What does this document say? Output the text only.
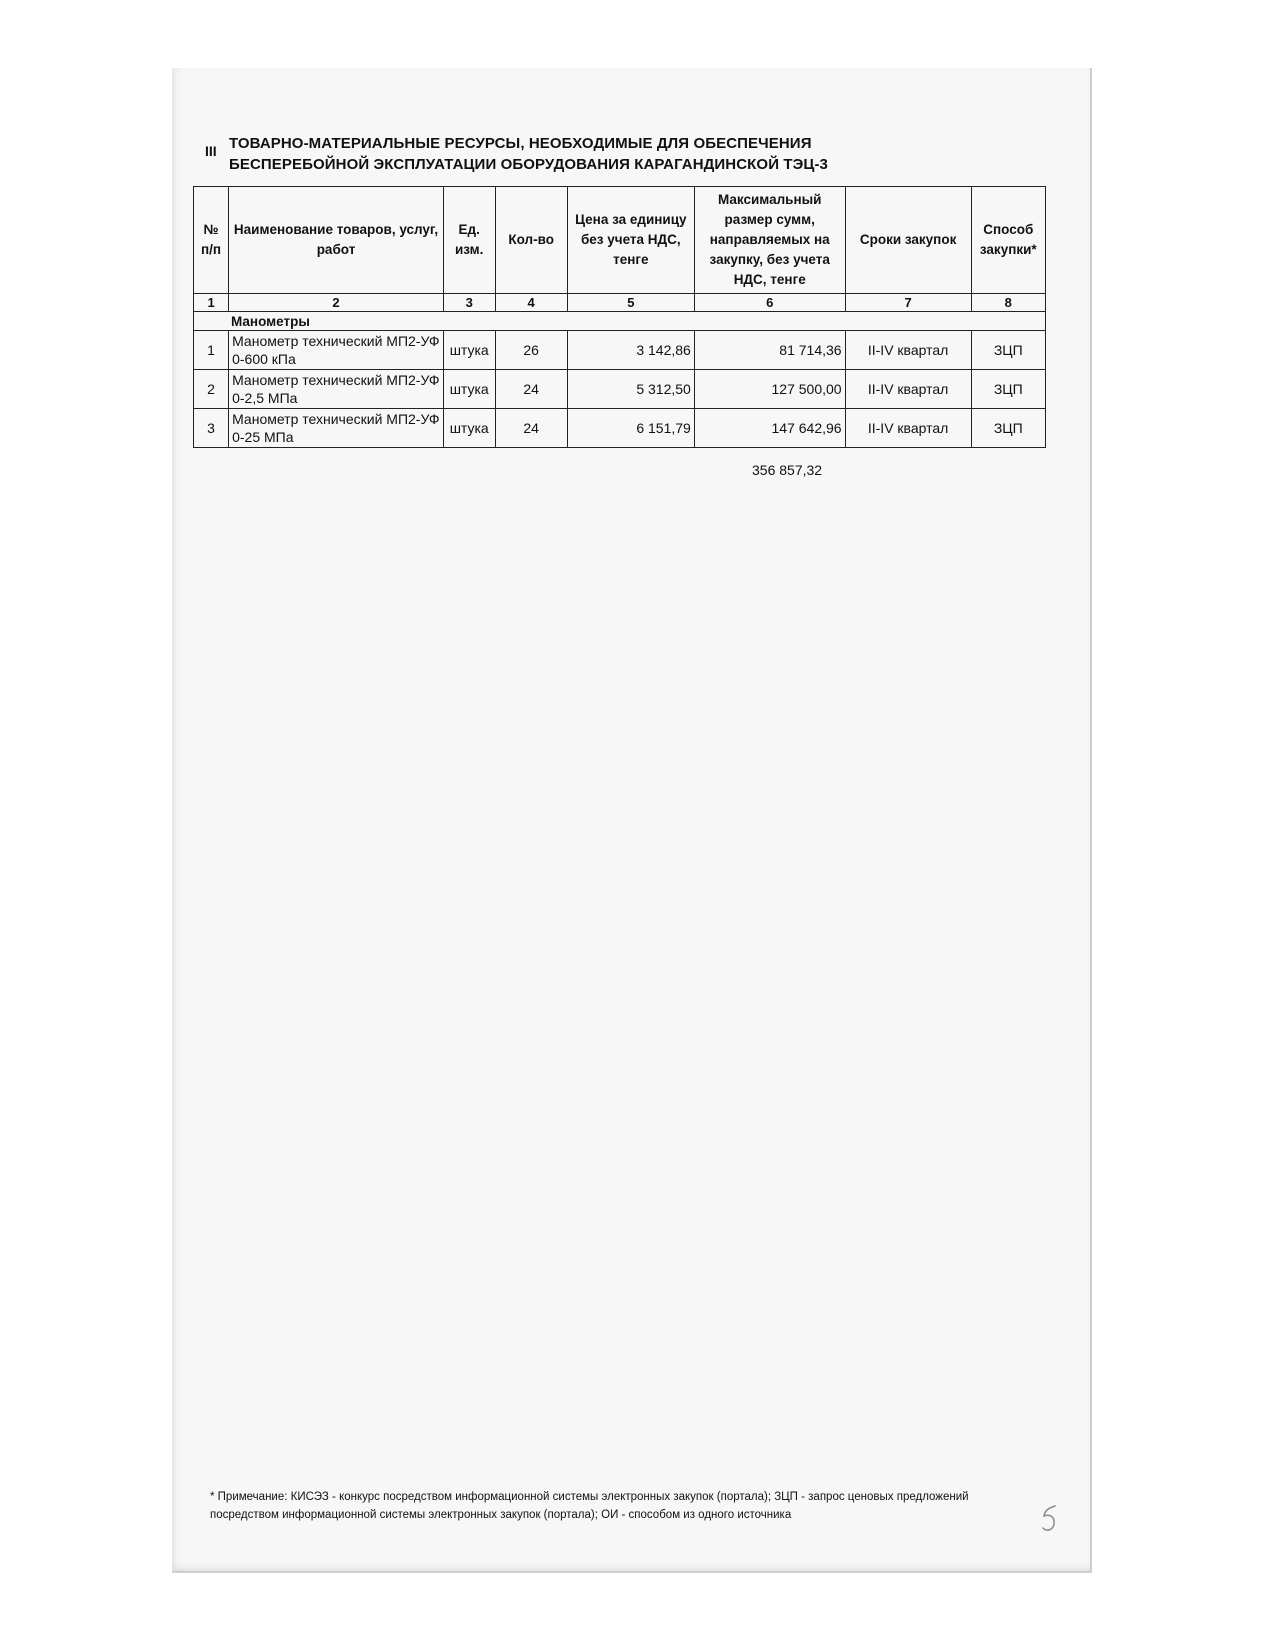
III ТОВАРНО-МАТЕРИАЛЬНЫЕ РЕСУРСЫ, НЕОБХОДИМЫЕ ДЛЯ ОБЕСПЕЧЕНИЯ БЕСПЕРЕБОЙНОЙ ЭКСПЛУАТАЦИИ ОБОРУДОВАНИЯ КАРАГАНДИНСКОЙ ТЭЦ-3
№ п/п	Наименование товаров, услуг, работ	Ед. изм.	Кол-во	Цена за единицу без учета НДС, тенге	Максимальный размер сумм, направляемых на закупку, без учета НДС, тенге	Сроки закупок	Способ закупки*
1	2	3	4	5	6	7	8
Манометры							
1	Манометр технический МП2-УФ 0-600 кПа	штука	26	3 142,86	81 714,36	II-IV квартал	ЗЦП
2	Манометр технический МП2-УФ 0-2,5 МПа	штука	24	5 312,50	127 500,00	II-IV квартал	ЗЦП
3	Манометр технический МП2-УФ 0-25 МПа	штука	24	6 151,79	147 642,96	II-IV квартал	ЗЦП
356 857,32
* Примечание: КИСЭЗ - конкурс посредством информационной системы электронных закупок (портала); ЗЦП - запрос ценовых предложений посредством информационной системы электронных закупок (портала); ОИ - способом из одного источника
